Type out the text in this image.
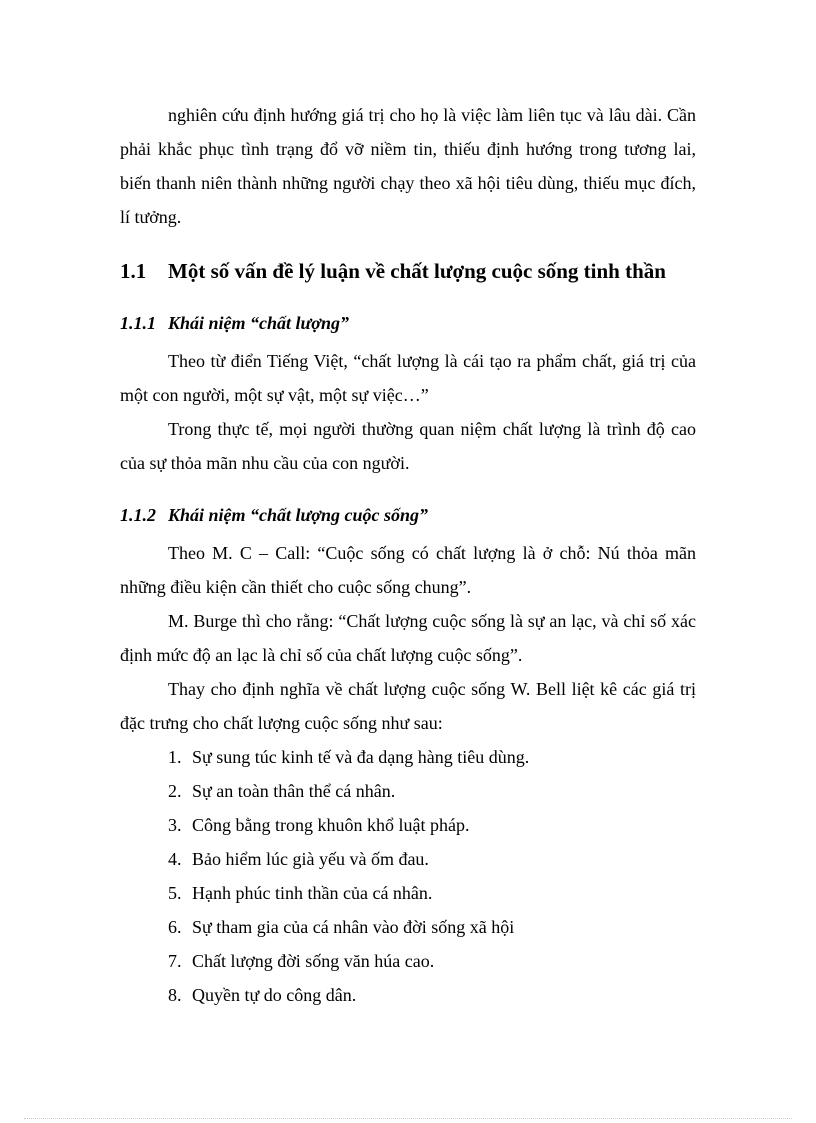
nghiên cứu định hướng giá trị cho họ là việc làm liên tục và lâu dài. Cần phải khắc phục tình trạng đổ vỡ niềm tin, thiếu định hướng trong tương lai, biến thanh niên thành những người chạy theo xã hội tiêu dùng, thiếu mục đích, lí tưởng.

1.1 Một số vấn đề lý luận về chất lượng cuộc sống tinh thần
1.1.1 Khái niệm “chất lượng”

Theo từ điển Tiếng Việt, “chất lượng là cái tạo ra phẩm chất, giá trị của một con người, một sự vật, một sự việc…”

Trong thực tế, mọi người thường quan niệm chất lượng là trình độ cao của sự thỏa mãn nhu cầu của con người.

1.1.2 Khái niệm “chất lượng cuộc sống”

Theo M. C – Call: “Cuộc sống có chất lượng là ở chỗ: Nú thỏa mãn những điều kiện cần thiết cho cuộc sống chung”.

M. Burge thì cho rằng: “Chất lượng cuộc sống là sự an lạc, và chỉ số xác định mức độ an lạc là chỉ số của chất lượng cuộc sống”.

Thay cho định nghĩa về chất lượng cuộc sống W. Bell liệt kê các giá trị đặc trưng cho chất lượng cuộc sống như sau:

1. Sự sung túc kinh tế và đa dạng hàng tiêu dùng.
2. Sự an toàn thân thể cá nhân.
3. Công bằng trong khuôn khổ luật pháp.
4. Bảo hiểm lúc già yếu và ốm đau.
5. Hạnh phúc tinh thần của cá nhân.
6. Sự tham gia của cá nhân vào đời sống xã hội
7. Chất lượng đời sống văn húa cao.
8. Quyền tự do công dân.
